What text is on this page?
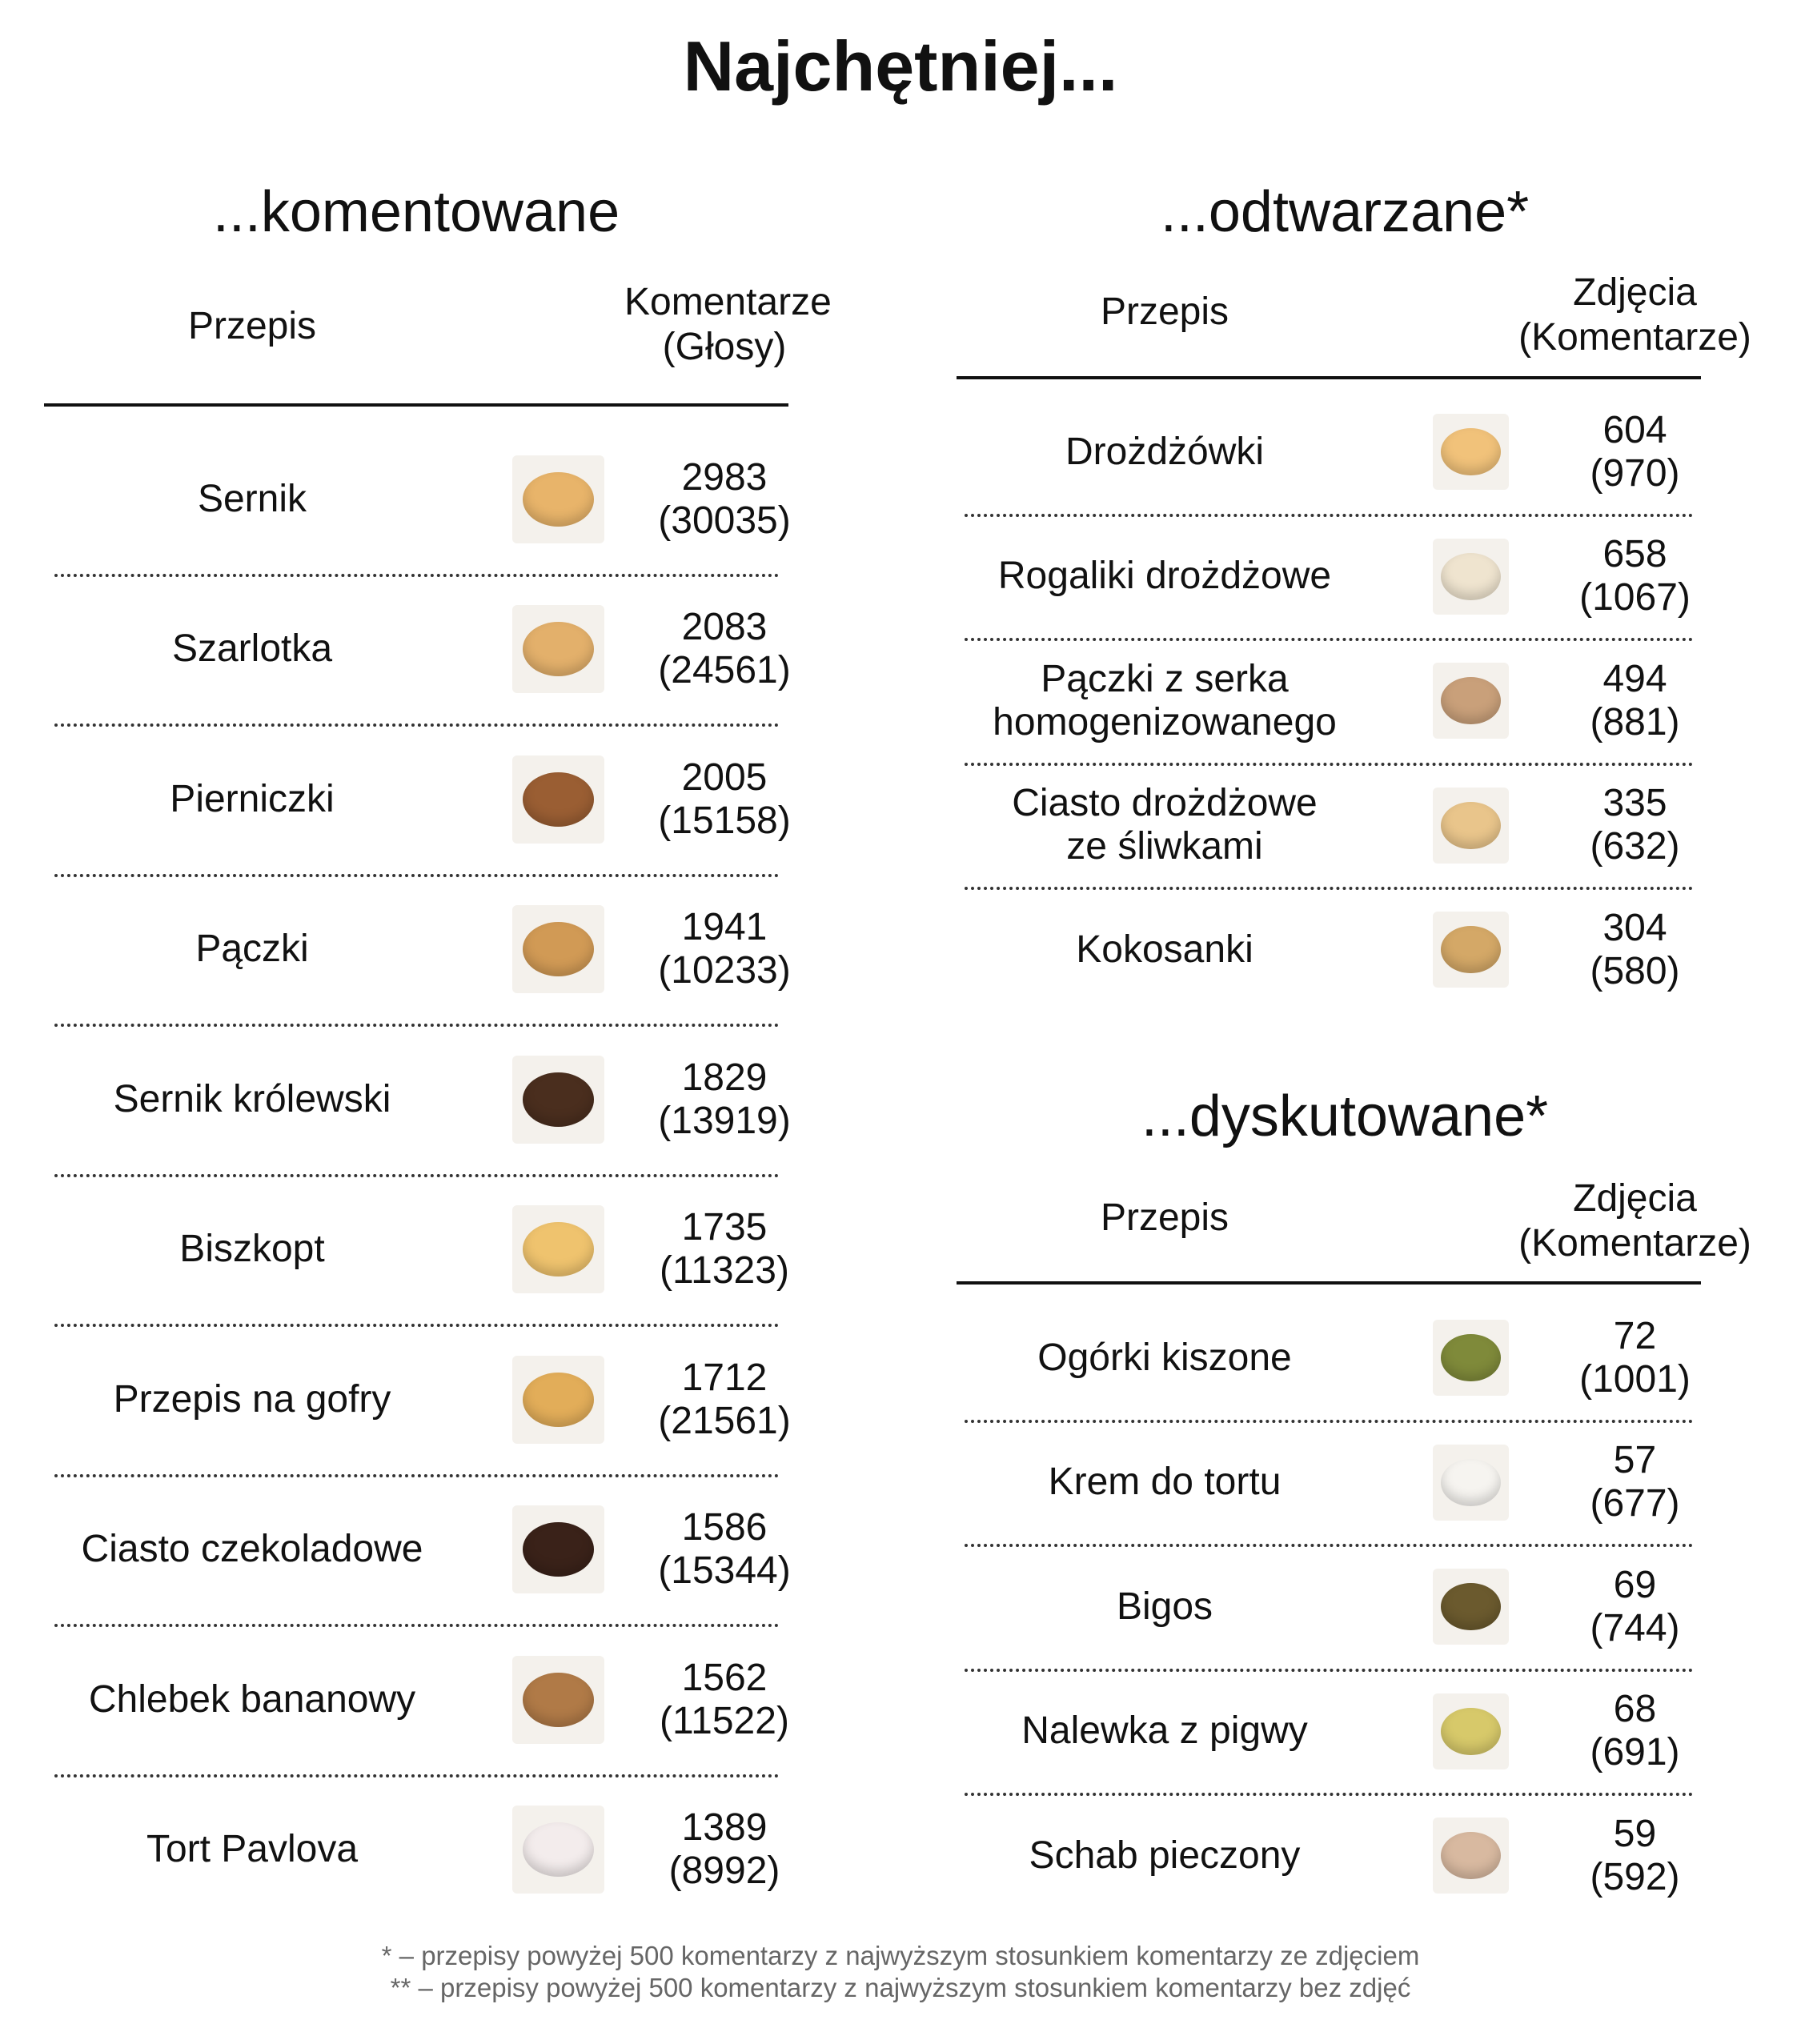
Najchętniej...
...komentowane
Przepis
Komentarze
(Głosy)
Sernik
2983
(30035)
Szarlotka
2083
(24561)
Pierniczki
2005
(15158)
Pączki
1941
(10233)
Sernik królewski
1829
(13919)
Biszkopt
1735
(11323)
Przepis na gofry
1712
(21561)
Ciasto czekoladowe
1586
(15344)
Chlebek bananowy
1562
(11522)
Tort Pavlova
1389
(8992)
...odtwarzane*
Przepis	Zdjęcia
(Komentarze)
Drożdżówki
604
(970)
Rogaliki drożdżowe
658
(1067)
Pączki z serka
homogenizowanego
494
(881)
Ciasto drożdżowe
ze śliwkami
335
(632)
Kokosanki
304
(580)
...dyskutowane*
Przepis	Zdjęcia
(Komentarze)
Ogórki kiszone
72
(1001)
Krem do tortu
57
(677)
Bigos
69
(744)
Nalewka z pigwy
68
(691)
Schab pieczony
59
(592)
* – przepisy powyżej 500 komentarzy z najwyższym stosunkiem komentarzy ze zdjęciem
** – przepisy powyżej 500 komentarzy z najwyższym stosunkiem komentarzy bez zdjęć
